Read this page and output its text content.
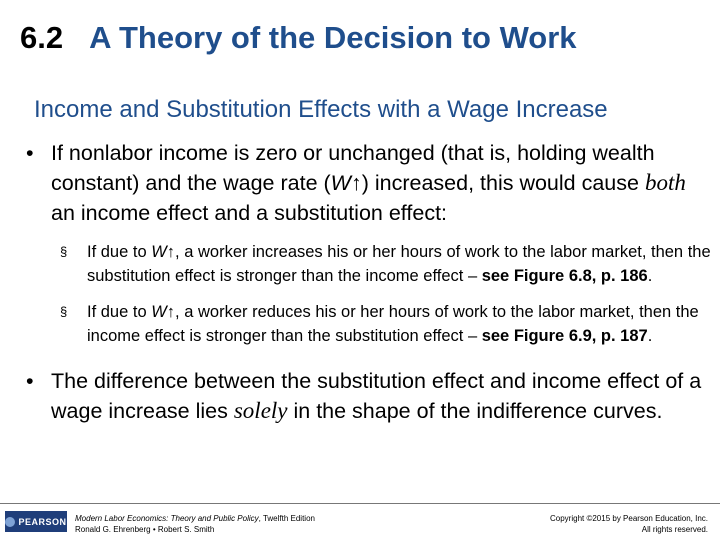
6.2 A Theory of the Decision to Work
Income and Substitution Effects with a Wage Increase
• If nonlabor income is zero or unchanged (that is, holding wealth constant) and the wage rate (W↑) increased, this would cause both an income effect and a substitution effect:
§ If due to W↑, a worker increases his or her hours of work to the labor market, then the substitution effect is stronger than the income effect – see Figure 6.8, p. 186.
§ If due to W↑, a worker reduces his or her hours of work to the labor market, then the income effect is stronger than the substitution effect – see Figure 6.9, p. 187.
• The difference between the substitution effect and income effect of a wage increase lies solely in the shape of the indifference curves.
PEARSON Modern Labor Economics: Theory and Public Policy, Twelfth Edition
Ronald G. Ehrenberg • Robert S. Smith
Copyright ©2015 by Pearson Education, Inc.
All rights reserved.
